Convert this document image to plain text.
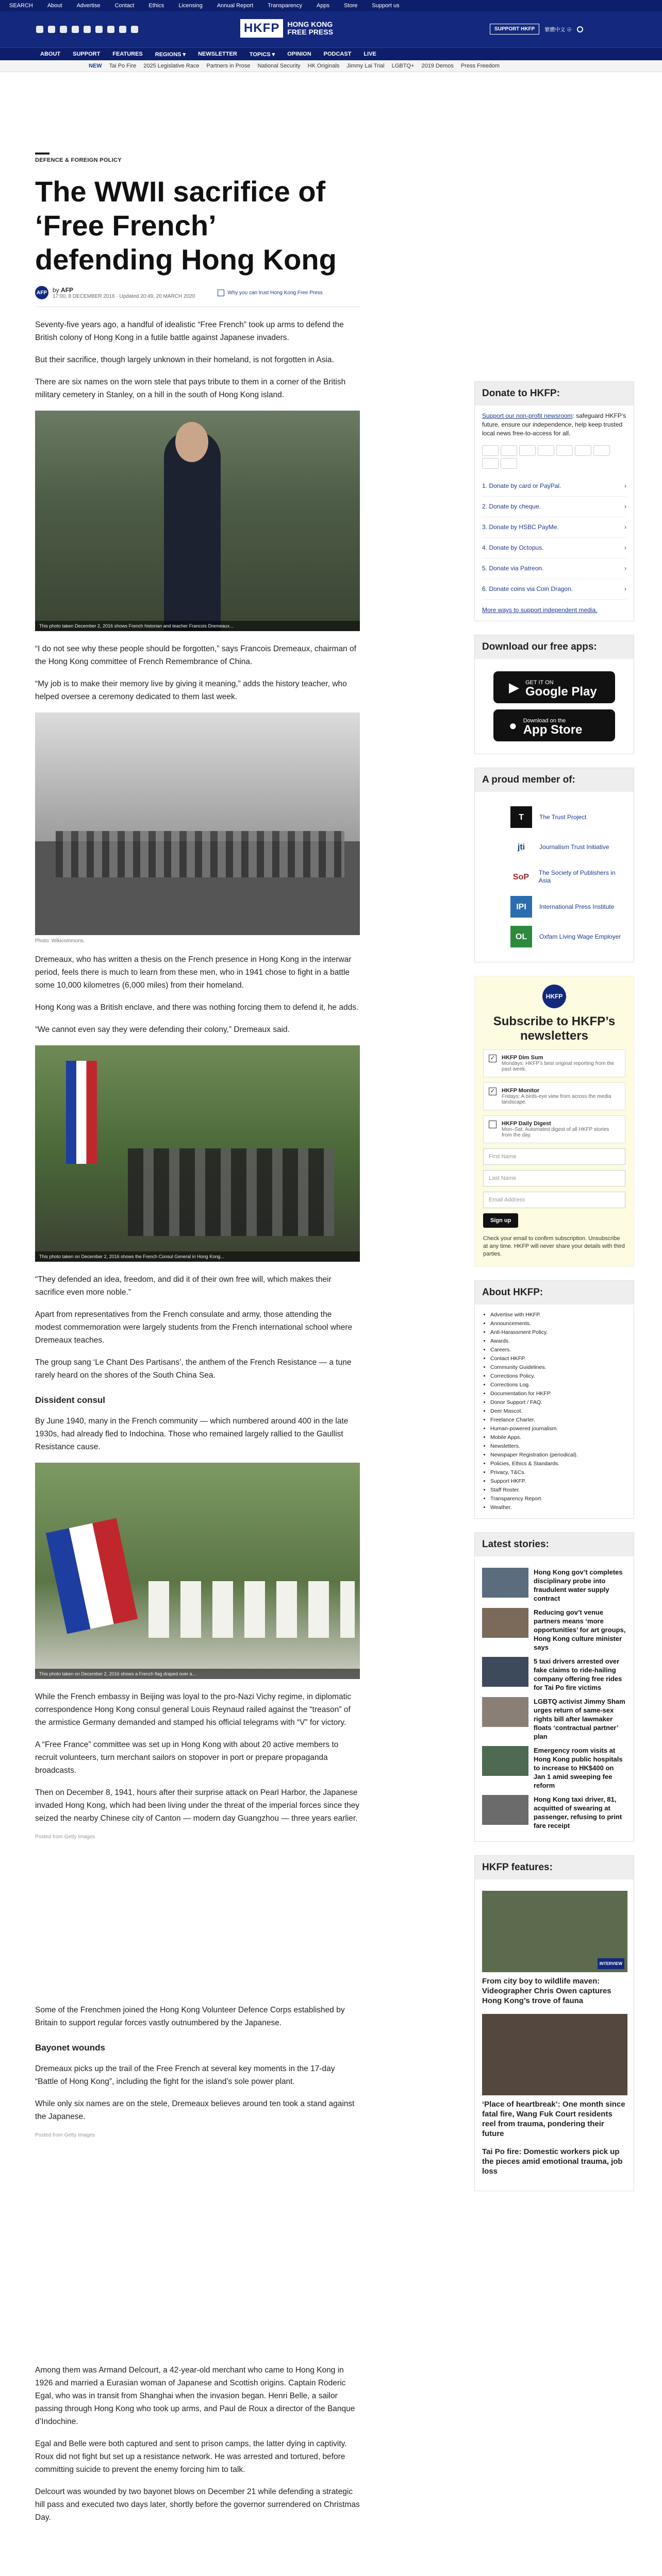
SEARCH	About	Advertise	Contact	Ethics	Licensing	Annual Report	Transparency	Apps	Store	Support us
HKFP	HONG KONG
FREE PRESS	SUPPORT HKFP	繁體中文 ⊕
ABOUT	SUPPORT	FEATURES	REGIONS ▾	NEWSLETTER	TOPICS ▾	OPINION	PODCAST	LIVE
NEW	Tai Po Fire	2025 Legislative Race	Partners in Prose	National Security	HK Originals	Jimmy Lai Trial	LGBTQ+	2019 Demos	Press Freedom
DEFENCE & FOREIGN POLICY
The WWII sacrifice of ‘Free French’ defending Hong Kong
AFP by AFP
17:00, 8 DECEMBER 2016 · Updated 20:49, 20 MARCH 2020
Why you can trust Hong Kong Free Press

Seventy-five years ago, a handful of idealistic “Free French” took up arms to defend the British colony of Hong Kong in a futile battle against Japanese invaders.

But their sacrifice, though largely unknown in their homeland, is not forgotten in Asia.

There are six names on the worn stele that pays tribute to them in a corner of the British military cemetery in Stanley, on a hill in the south of Hong Kong island.

This photo taken December 2, 2016 shows French historian and teacher Francois Dremeaux...

“I do not see why these people should be forgotten,” says Francois Dremeaux, chairman of the Hong Kong committee of French Remembrance of China.

“My job is to make their memory live by giving it meaning,” adds the history teacher, who helped oversee a ceremony dedicated to them last week.

Photo: Wikicommons.

Dremeaux, who has written a thesis on the French presence in Hong Kong in the interwar period, feels there is much to learn from these men, who in 1941 chose to fight in a battle some 10,000 kilometres (6,000 miles) from their homeland.

Hong Kong was a British enclave, and there was nothing forcing them to defend it, he adds.

“We cannot even say they were defending their colony,” Dremeaux said.

This photo taken on December 2, 2016 shows the French Consul General in Hong Kong...

“They defended an idea, freedom, and did it of their own free will, which makes their sacrifice even more noble.”

Apart from representatives from the French consulate and army, those attending the modest commemoration were largely students from the French international school where Dremeaux teaches.

The group sang ‘Le Chant Des Partisans’, the anthem of the French Resistance — a tune rarely heard on the shores of the South China Sea.

Dissident consul

By June 1940, many in the French community — which numbered around 400 in the late 1930s, had already fled to Indochina. Those who remained largely rallied to the Gaullist Resistance cause.

This photo taken on December 2, 2016 shows a French flag draped over a...

While the French embassy in Beijing was loyal to the pro-Nazi Vichy regime, in diplomatic correspondence Hong Kong consul general Louis Reynaud railed against the “treason” of the armistice Germany demanded and stamped his official telegrams with “V” for victory.

A “Free France” committee was set up in Hong Kong with about 20 active members to recruit volunteers, turn merchant sailors on stopover in port or prepare propaganda broadcasts.

Then on December 8, 1941, hours after their surprise attack on Pearl Harbor, the Japanese invaded Hong Kong, which had been living under the threat of the imperial forces since they seized the nearby Chinese city of Canton — modern day Guangzhou — three years earlier.

Posted from Getty Images

Some of the Frenchmen joined the Hong Kong Volunteer Defence Corps established by Britain to support regular forces vastly outnumbered by the Japanese.

Bayonet wounds

Dremeaux picks up the trail of the Free French at several key moments in the 17-day “Battle of Hong Kong”, including the fight for the island’s sole power plant.

While only six names are on the stele, Dremeaux believes around ten took a stand against the Japanese.

Posted from Getty Images

Among them was Armand Delcourt, a 42-year-old merchant who came to Hong Kong in 1926 and married a Eurasian woman of Japanese and Scottish origins. Captain Roderic Egal, who was in transit from Shanghai when the invasion began. Henri Belle, a sailor passing through Hong Kong who took up arms, and Paul de Roux a director of the Banque d’Indochine.

Egal and Belle were both captured and sent to prison camps, the latter dying in captivity. Roux did not fight but set up a resistance network. He was arrested and tortured, before committing suicide to prevent the enemy forcing him to talk.

Delcourt was wounded by two bayonet blows on December 21 while defending a strategic hill pass and executed two days later, shortly before the governor surrendered on Christmas Day.

Donate to HKFP:
Support our non-profit newsroom: safeguard HKFP’s future, ensure our independence, help keep trusted local news free-to-access for all.
1. Donate by card or PayPal.	›
2. Donate by cheque.	›
3. Donate by HSBC PayMe.	›
4. Donate by Octopus.	›
5. Donate via Patreon.	›
6. Donate coins via Coin Dragon.	›
More ways to support independent media.
Download our free apps:
▶ GET IT ON
Google Play
● Download on the
App Store
A proud member of:
T	The Trust Project
jti	Journalism Trust Initiative
SoP	The Society of Publishers in Asia
IPI	International Press Institute
OL	Oxfam Living Wage Employer
HKFP
Subscribe to HKFP’s newsletters
✓ HKFP Dim Sum
Mondays: HKFP’s best original reporting from the past week.
✓ HKFP Monitor
Fridays: A birds-eye view from across the media landscape.
HKFP Daily Digest
Mon–Sat: Automated digest of all HKFP stories from the day.
First Name
Last Name
Email Address
Sign up
Check your email to confirm subscription. Unsubscribe at any time. HKFP will never share your details with third parties.
About HKFP:
• Advertise with HKFP.
• Announcements.
• Anti-Harassment Policy.
• Awards.
• Careers.
• Contact HKFP.
• Community Guidelines.
• Corrections Policy.
• Corrections Log.
• Documentation for HKFP.
• Donor Support / FAQ.
• Deer Mascot.
• Freelance Charter.
• Human-powered journalism.
• Mobile Apps.
• Newsletters.
• Newspaper Registration (periodical).
• Policies, Ethics & Standards.
• Privacy, T&Cs.
• Support HKFP.
• Staff Roster.
• Transparency Report.
• Weather.
Latest stories:
Hong Kong gov’t completes disciplinary probe into fraudulent water supply contract
Reducing gov’t venue partners means ‘more opportunities’ for art groups, Hong Kong culture minister says
5 taxi drivers arrested over fake claims to ride-hailing company offering free rides for Tai Po fire victims
LGBTQ activist Jimmy Sham urges return of same-sex rights bill after lawmaker floats ‘contractual partner’ plan
Emergency room visits at Hong Kong public hospitals to increase to HK$400 on Jan 1 amid sweeping fee reform
Hong Kong taxi driver, 81, acquitted of swearing at passenger, refusing to print fare receipt
HKFP features:
INTERVIEW
From city boy to wildlife maven: Videographer Chris Owen captures Hong Kong’s trove of fauna
‘Place of heartbreak’: One month since fatal fire, Wang Fuk Court residents reel from trauma, pondering their future
Tai Po fire: Domestic workers pick up the pieces amid emotional trauma, job loss
